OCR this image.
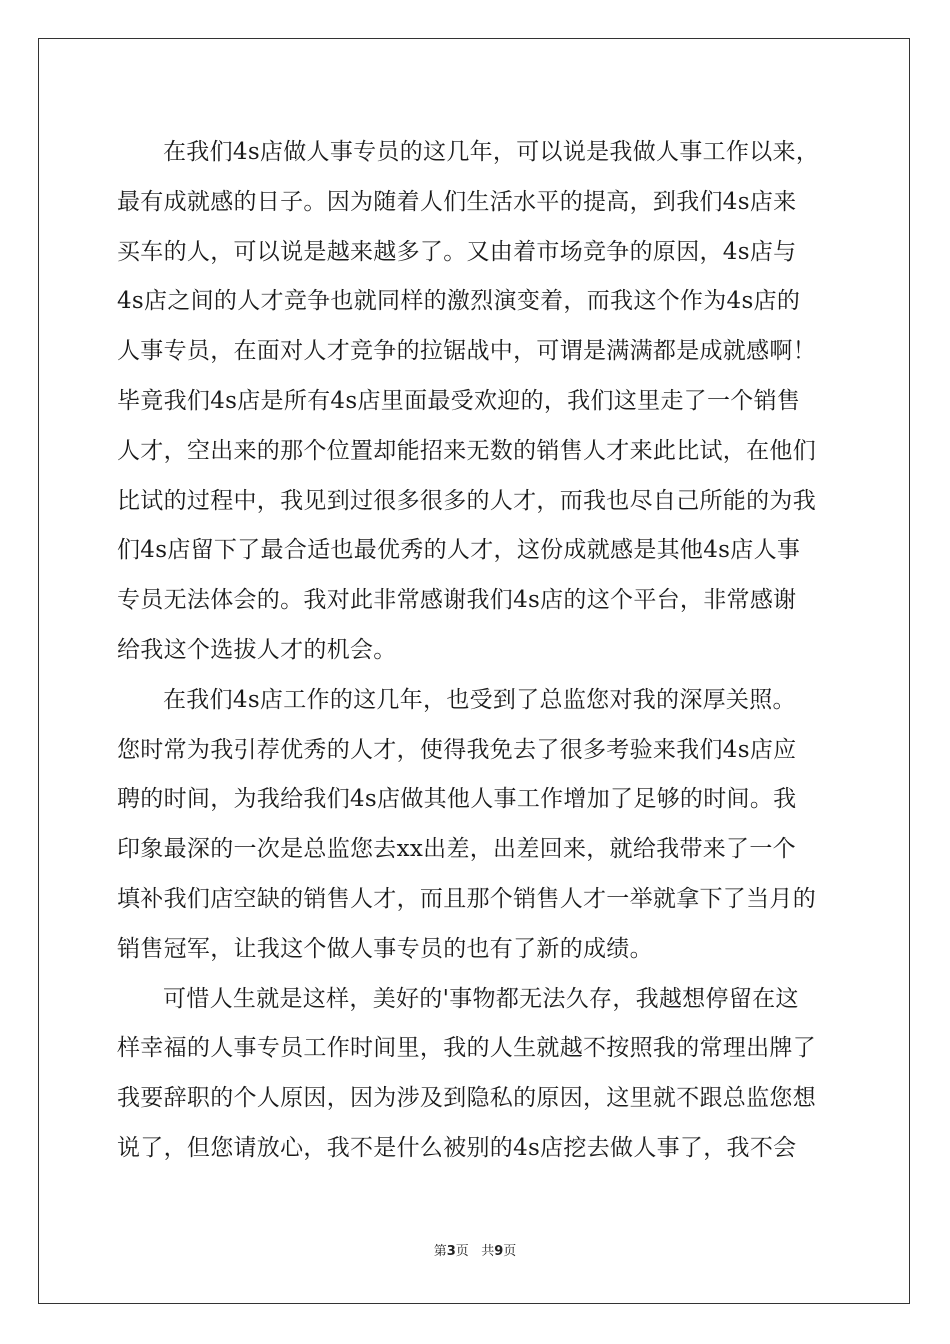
在我们4s店做人事专员的这几年，可以说是我做人事工作以来，
最有成就感的日子。因为随着人们生活水平的提高，到我们4s店来
买车的人，可以说是越来越多了。又由着市场竞争的原因，4s店与
4s店之间的人才竞争也就同样的激烈演变着，而我这个作为4s店的
人事专员，在面对人才竞争的拉锯战中，可谓是满满都是成就感啊！
毕竟我们4s店是所有4s店里面最受欢迎的，我们这里走了一个销售
人才，空出来的那个位置却能招来无数的销售人才来此比试，在他们
比试的过程中，我见到过很多很多的人才，而我也尽自己所能的为我
们4s店留下了最合适也最优秀的人才，这份成就感是其他4s店人事
专员无法体会的。我对此非常感谢我们4s店的这个平台，非常感谢
给我这个选拔人才的机会。
在我们4s店工作的这几年，也受到了总监您对我的深厚关照。
您时常为我引荐优秀的人才，使得我免去了很多考验来我们4s店应
聘的时间，为我给我们4s店做其他人事工作增加了足够的时间。我
印象最深的一次是总监您去xx出差，出差回来，就给我带来了一个
填补我们店空缺的销售人才，而且那个销售人才一举就拿下了当月的
销售冠军，让我这个做人事专员的也有了新的成绩。
可惜人生就是这样，美好的'事物都无法久存，我越想停留在这
样幸福的人事专员工作时间里，我的人生就越不按照我的常理出牌了
我要辞职的个人原因，因为涉及到隐私的原因，这里就不跟总监您想
说了，但您请放心，我不是什么被别的4s店挖去做人事了，我不会
第3页 共9页
